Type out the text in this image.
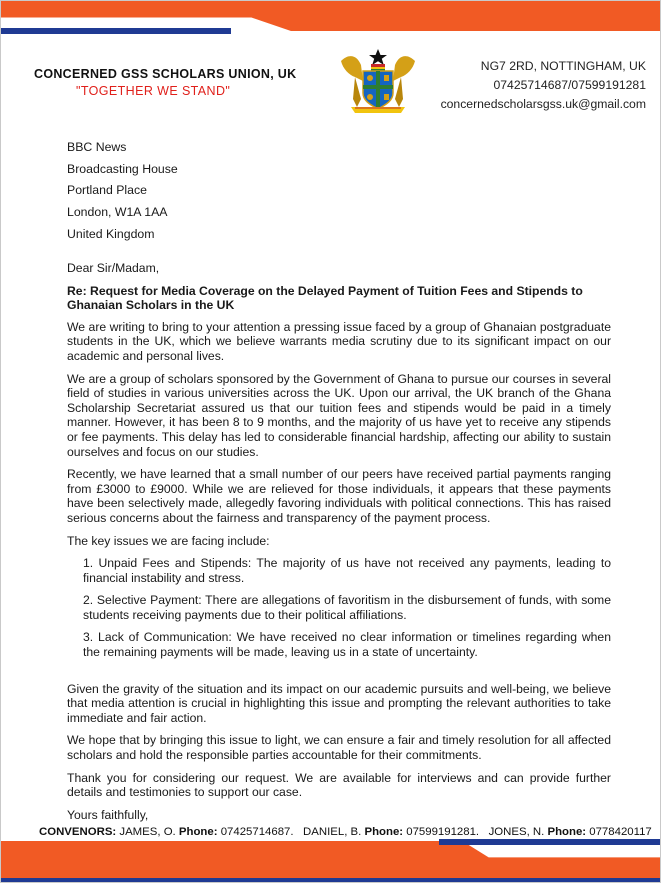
CONCERNED GSS SCHOLARS UNION, UK
"TOGETHER WE STAND"
NG7 2RD, NOTTINGHAM, UK
07425714687/07599191281
concernedscholarsgss.uk@gmail.com
BBC News
Broadcasting House
Portland Place
London, W1A 1AA
United Kingdom

Dear Sir/Madam,

Re: Request for Media Coverage on the Delayed Payment of Tuition Fees and Stipends to Ghanaian Scholars in the UK

We are writing to bring to your attention a pressing issue faced by a group of Ghanaian postgraduate students in the UK, which we believe warrants media scrutiny due to its significant impact on our academic and personal lives.

We are a group of scholars sponsored by the Government of Ghana to pursue our courses in several field of studies in various universities across the UK. Upon our arrival, the UK branch of the Ghana Scholarship Secretariat assured us that our tuition fees and stipends would be paid in a timely manner. However, it has been 8 to 9 months, and the majority of us have yet to receive any stipends or fee payments. This delay has led to considerable financial hardship, affecting our ability to sustain ourselves and focus on our studies.

Recently, we have learned that a small number of our peers have received partial payments ranging from £3000 to £9000. While we are relieved for those individuals, it appears that these payments have been selectively made, allegedly favoring individuals with political connections. This has raised serious concerns about the fairness and transparency of the payment process.

The key issues we are facing include:

1. Unpaid Fees and Stipends: The majority of us have not received any payments, leading to financial instability and stress.

2. Selective Payment: There are allegations of favoritism in the disbursement of funds, with some students receiving payments due to their political affiliations.

3. Lack of Communication: We have received no clear information or timelines regarding when the remaining payments will be made, leaving us in a state of uncertainty.

Given the gravity of the situation and its impact on our academic pursuits and well-being, we believe that media attention is crucial in highlighting this issue and prompting the relevant authorities to take immediate and fair action.

We hope that by bringing this issue to light, we can ensure a fair and timely resolution for all affected scholars and hold the responsible parties accountable for their commitments.

Thank you for considering our request. We are available for interviews and can provide further details and testimonies to support our case.

Yours faithfully,

CONVENORS: JAMES, O. Phone: 07425714687. DANIEL, B. Phone: 07599191281. JONES, N. Phone: 0778420117
